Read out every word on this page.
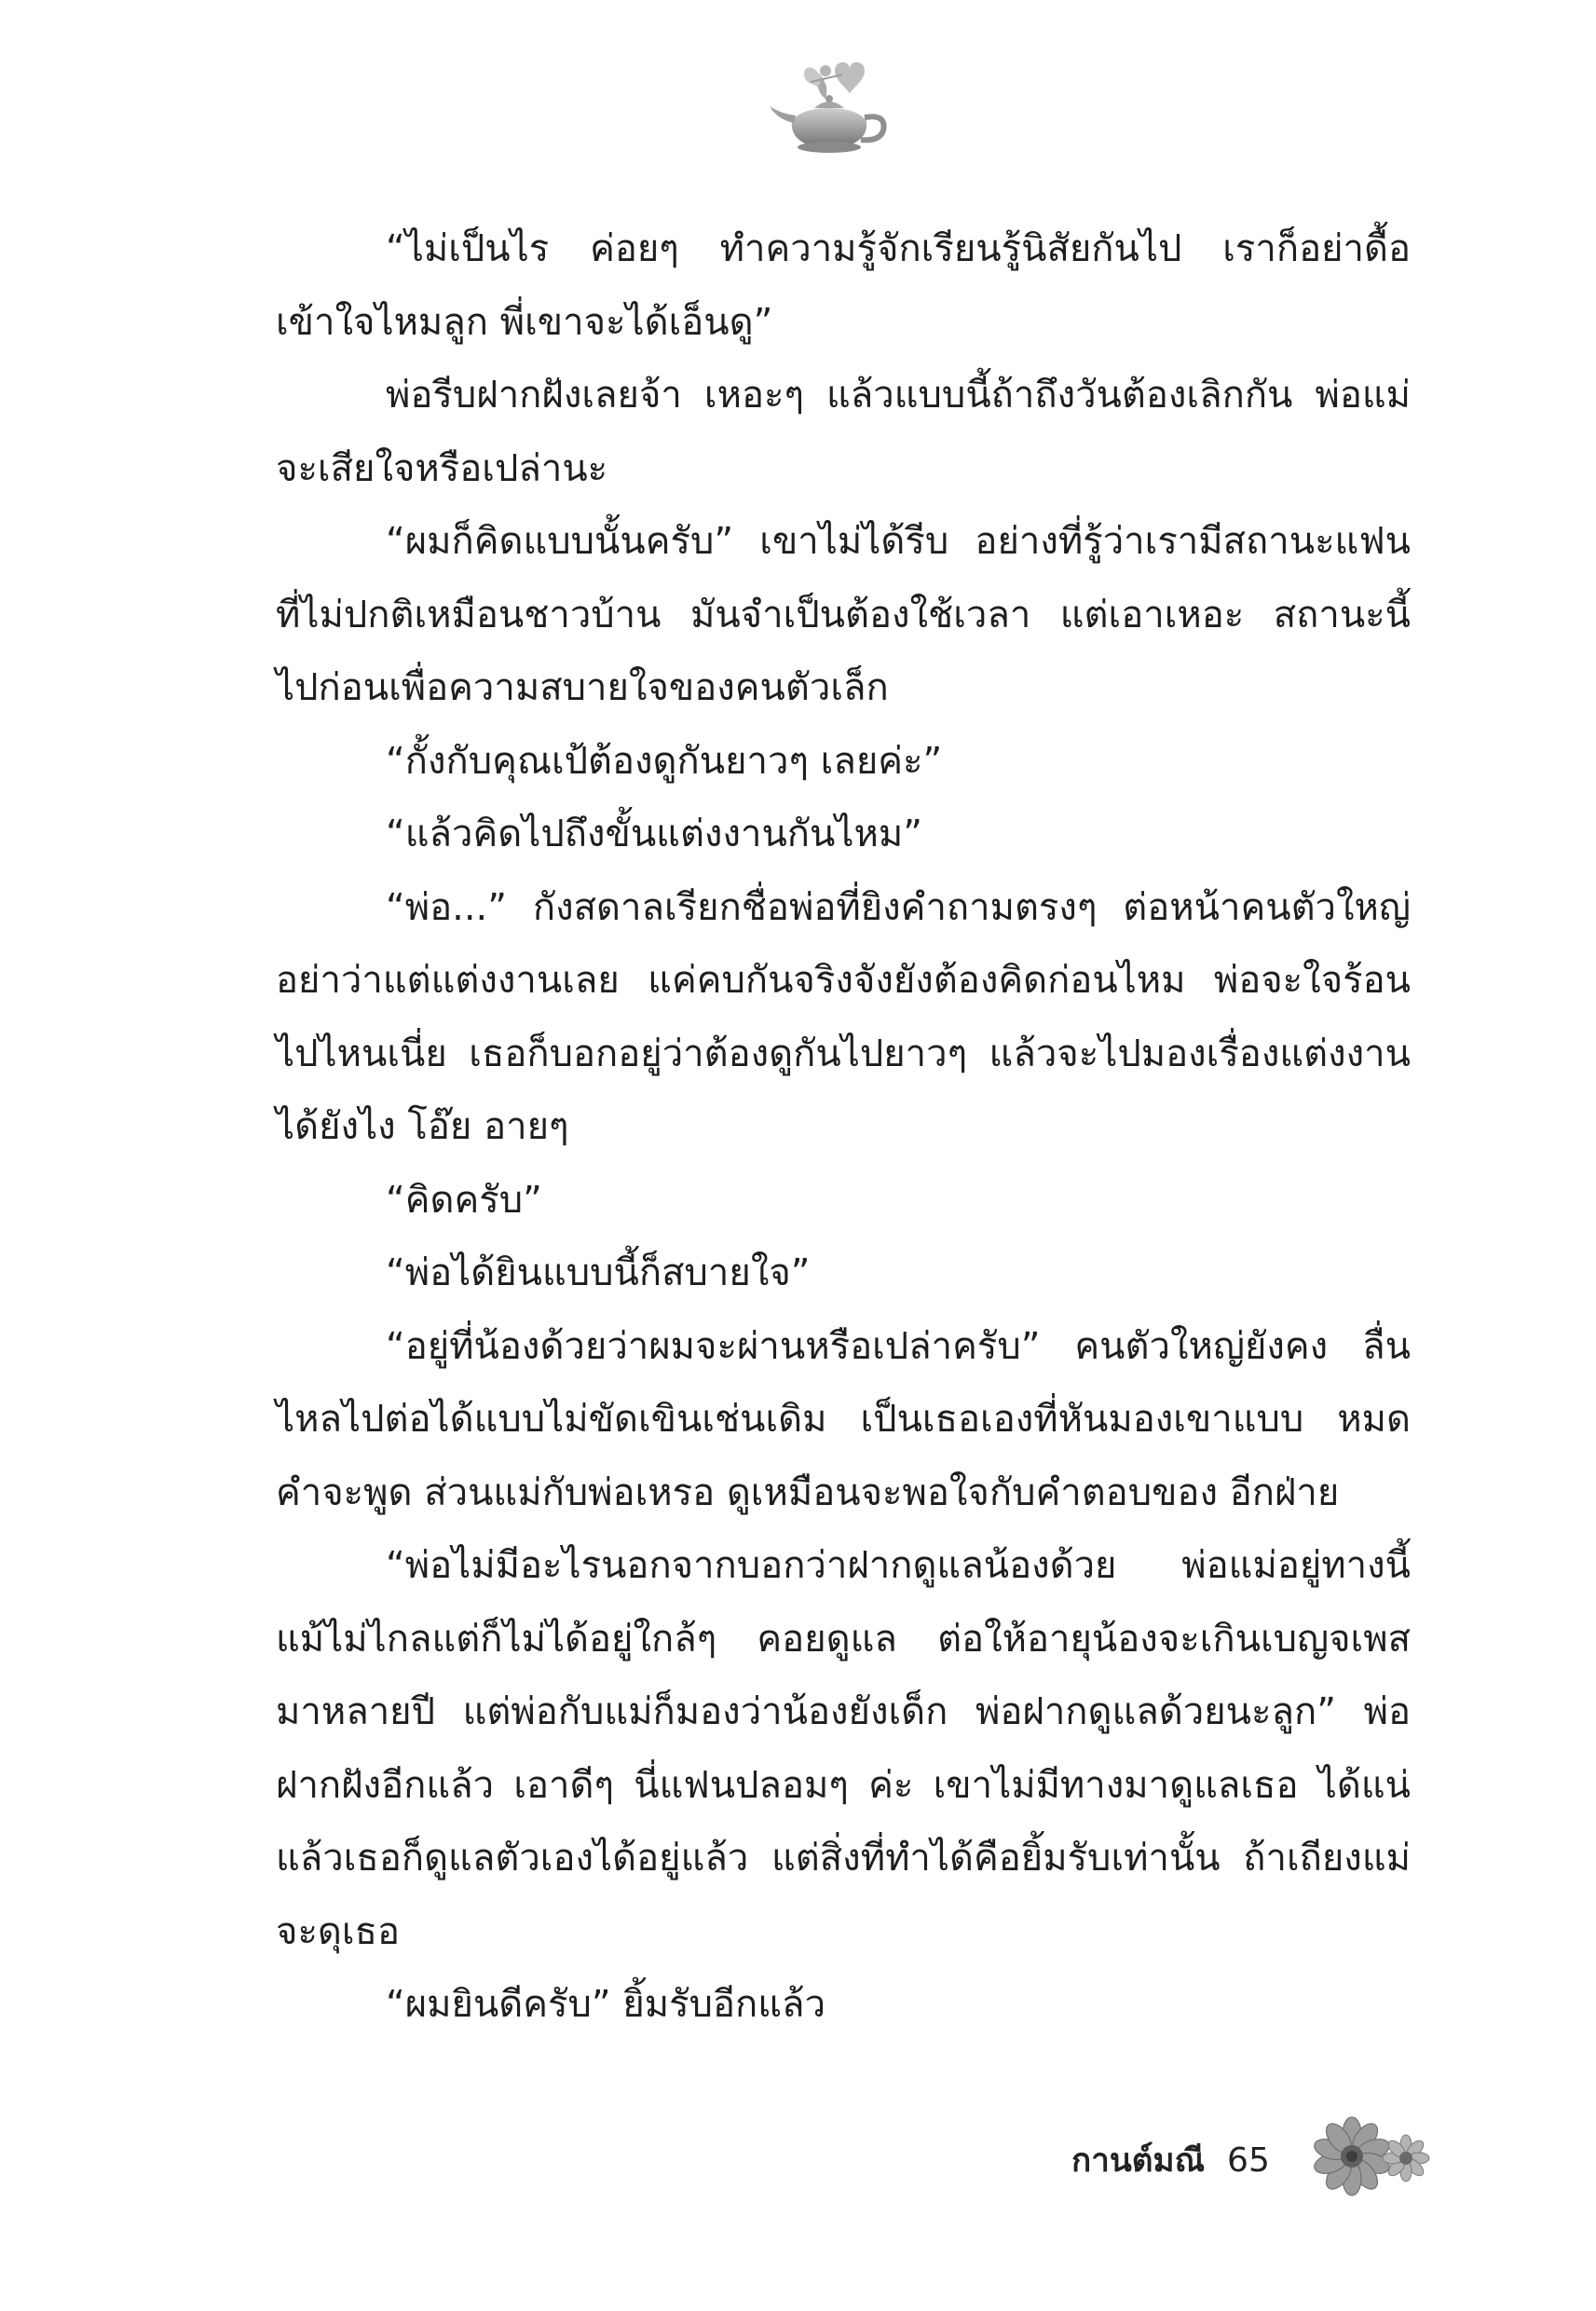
“ไม่เป็นไร ค่อยๆ ทำความรู้จักเรียนรู้นิสัยกันไป เราก็อย่าดื้อ เข้าใจไหมลูก พี่เขาจะได้เอ็นดู”

พ่อรีบฝากฝังเลยจ้า เหอะๆ แล้วแบบนี้ถ้าถึงวันต้องเลิกกัน พ่อแม่จะเสียใจหรือเปล่านะ

“ผมก็คิดแบบนั้นครับ” เขาไม่ได้รีบ อย่างที่รู้ว่าเรามีสถานะแฟน ที่ไม่ปกติเหมือนชาวบ้าน มันจำเป็นต้องใช้เวลา แต่เอาเหอะ สถานะนี้ ไปก่อนเพื่อความสบายใจของคนตัวเล็ก

“กั้งกับคุณเป้ต้องดูกันยาวๆ เลยค่ะ”

“แล้วคิดไปถึงขั้นแต่งงานกันไหม”

“พ่อ...” กังสดาลเรียกชื่อพ่อที่ยิงคำถามตรงๆ ต่อหน้าคนตัวใหญ่ อย่าว่าแต่แต่งงานเลย แค่คบกันจริงจังยังต้องคิดก่อนไหม พ่อจะใจร้อน ไปไหนเนี่ย เธอก็บอกอยู่ว่าต้องดูกันไปยาวๆ แล้วจะไปมองเรื่องแต่งงาน ได้ยังไง โอ๊ย อายๆ

“คิดครับ”

“พ่อได้ยินแบบนี้ก็สบายใจ”

“อยู่ที่น้องด้วยว่าผมจะผ่านหรือเปล่าครับ” คนตัวใหญ่ยังคง ลื่นไหลไปต่อได้แบบไม่ขัดเขินเช่นเดิม เป็นเธอเองที่หันมองเขาแบบ หมดคำจะพูด ส่วนแม่กับพ่อเหรอ ดูเหมือนจะพอใจกับคำตอบของ อีกฝ่าย

“พ่อไม่มีอะไรนอกจากบอกว่าฝากดูแลน้องด้วย พ่อแม่อยู่ทางนี้ แม้ไม่ไกลแต่ก็ไม่ได้อยู่ใกล้ๆ คอยดูแล ต่อให้อายุน้องจะเกินเบญจเพส มาหลายปี แต่พ่อกับแม่ก็มองว่าน้องยังเด็ก พ่อฝากดูแลด้วยนะลูก” พ่อฝากฝังอีกแล้ว เอาดีๆ นี่แฟนปลอมๆ ค่ะ เขาไม่มีทางมาดูแลเธอ ได้แน่ แล้วเธอก็ดูแลตัวเองได้อยู่แล้ว แต่สิ่งที่ทำได้คือยิ้มรับเท่านั้น ถ้าเถียงแม่จะดุเธอ

“ผมยินดีครับ” ยิ้มรับอีกแล้ว

กานต์มณี 65
